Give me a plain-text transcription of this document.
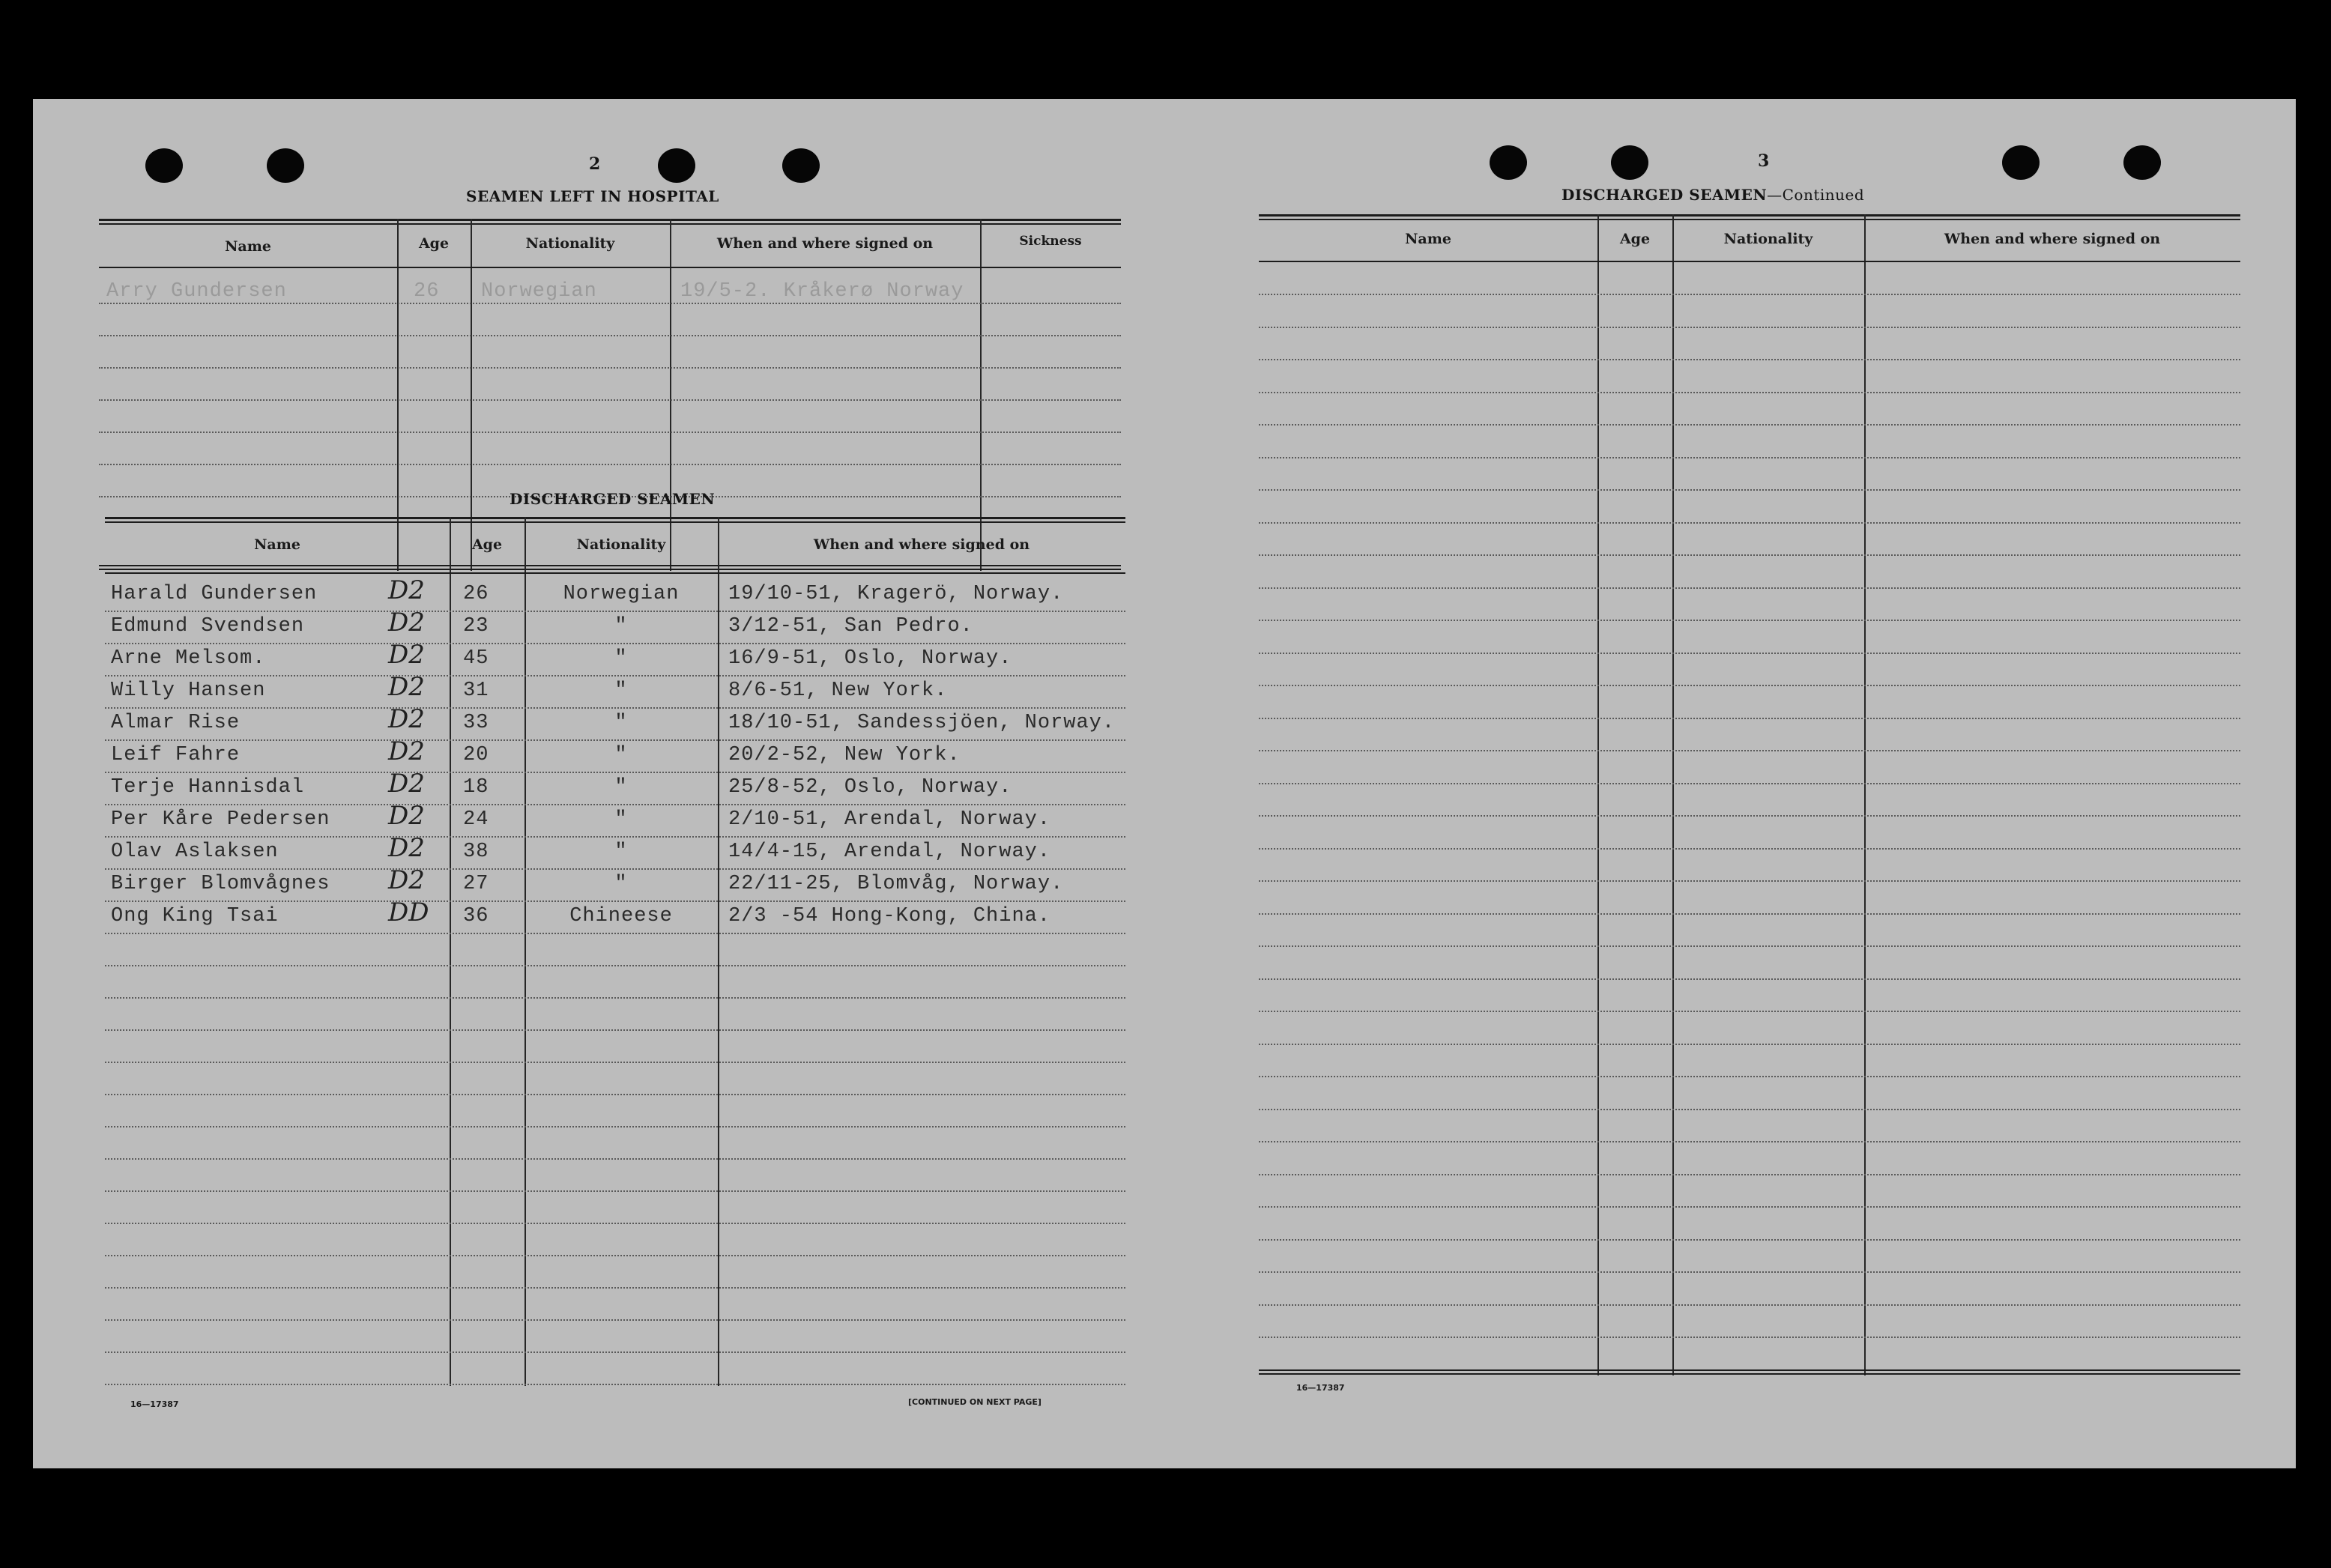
2
SEAMEN LEFT IN HOSPITAL
Name	Age	Nationality	When and where signed on	Sickness
Arry Gundersen	26 Norwegian	19/5-2. Kråkerø Norway
DISCHARGED SEAMEN
Name	Age	Nationality	When and where signed on
Harald Gundersen	D2 26	Norwegian	19/10-51, Kragerö, Norway.
Edmund Svendsen	D2 23	"	3/12-51, San Pedro.
Arne Melsom.	D2 45	"	16/9-51, Oslo, Norway.
Willy Hansen	D2 31	"	8/6-51, New York.
Almar Rise	D2 33	"	18/10-51, Sandessjöen, Norway.
Leif Fahre	D2 20	"	20/2-52, New York.
Terje Hannisdal	D2 18	"	25/8-52, Oslo, Norway.
Per Kåre Pedersen D2 24	"	2/10-51, Arendal, Norway.
Olav Aslaksen	D2 38	"	14/4-15, Arendal, Norway.
Birger Blomvågnes D2 27	"	22/11-25, Blomvåg, Norway.
Ong King Tsai	DD 36	Chineese	2/3 -54 Hong-Kong, China.
16—17387	[CONTINUED ON NEXT PAGE]
3
DISCHARGED SEAMEN—Continued
Name	Age	Nationality	When and where signed on
16—17387
